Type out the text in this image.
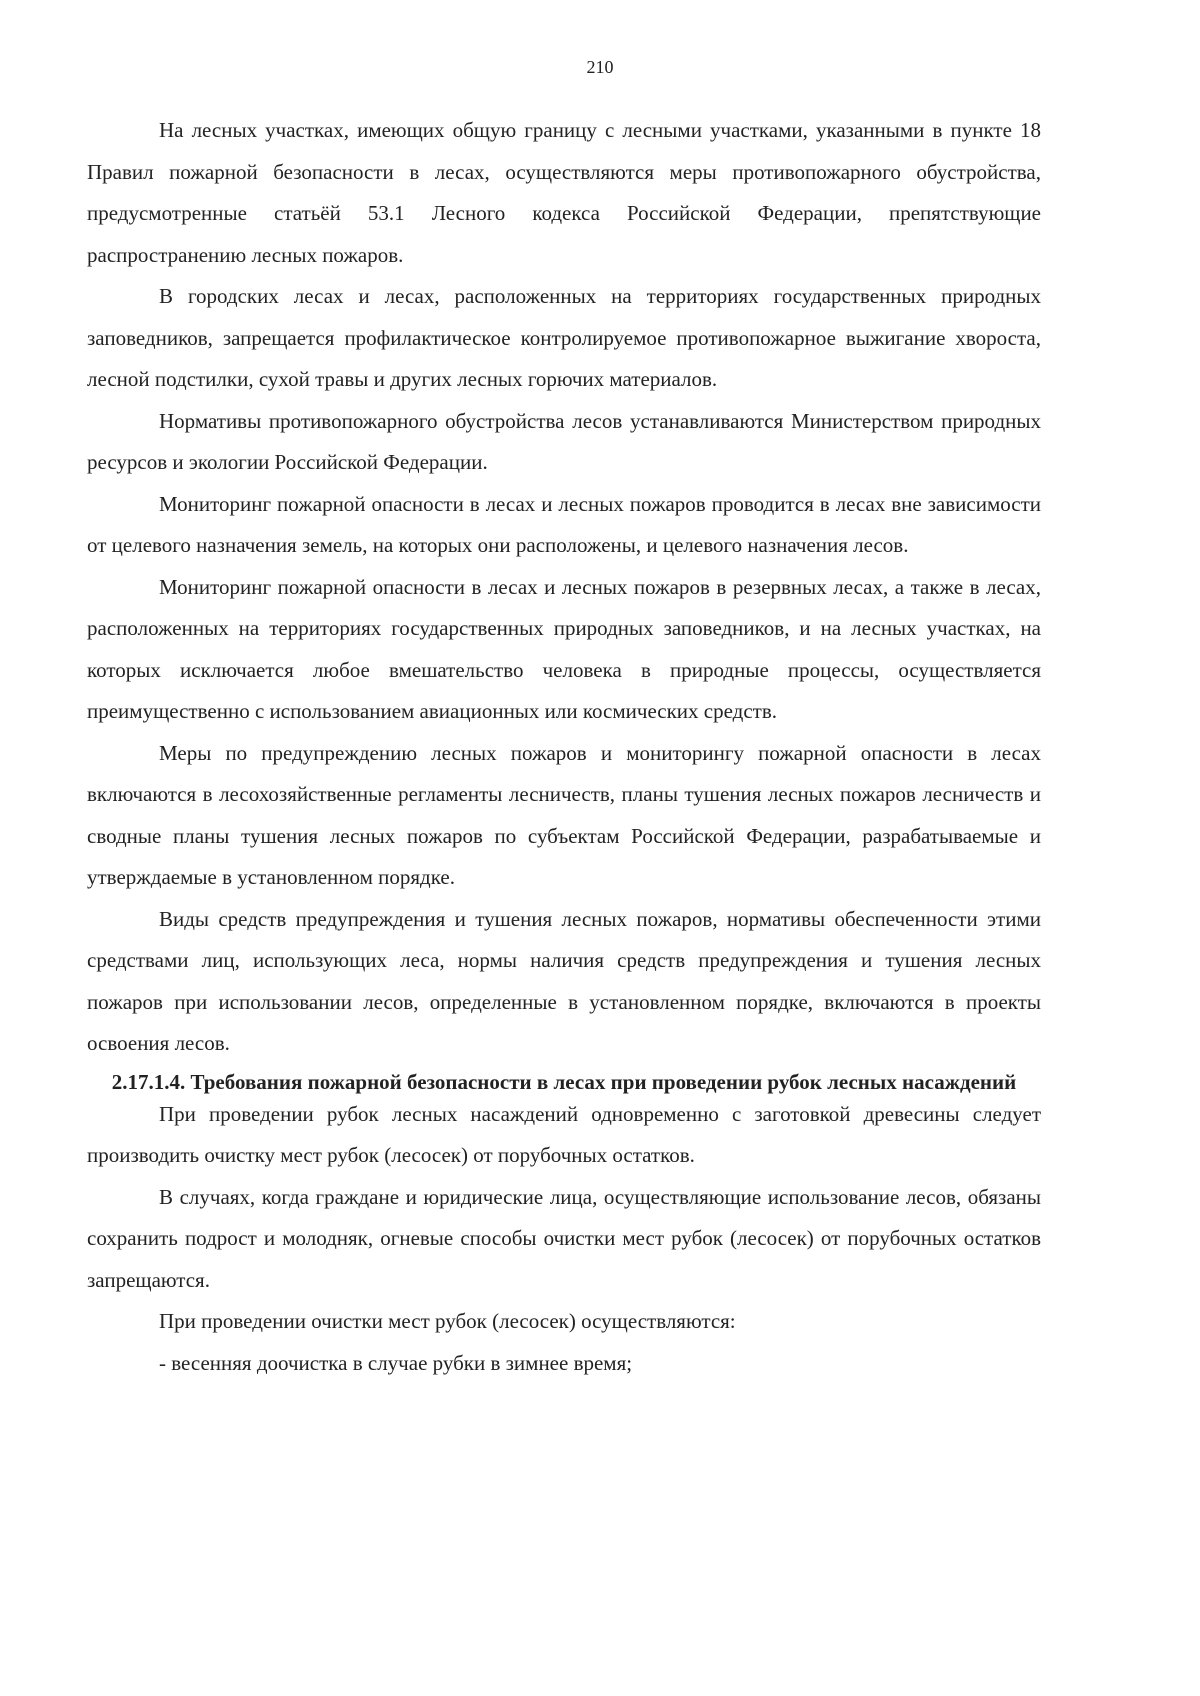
210

На лесных участках, имеющих общую границу с лесными участками, указанными в пункте 18 Правил пожарной безопасности в лесах, осуществляются меры противопожарного обустройства, предусмотренные статьёй 53.1 Лесного кодекса Российской Федерации, препятствующие распространению лесных пожаров.

В городских лесах и лесах, расположенных на территориях государственных природных заповедников, запрещается профилактическое контролируемое противопожарное выжигание хвороста, лесной подстилки, сухой травы и других лесных горючих материалов.

Нормативы противопожарного обустройства лесов устанавливаются Министерством природных ресурсов и экологии Российской Федерации.

Мониторинг пожарной опасности в лесах и лесных пожаров проводится в лесах вне зависимости от целевого назначения земель, на которых они расположены, и целевого назначения лесов.

Мониторинг пожарной опасности в лесах и лесных пожаров в резервных лесах, а также в лесах, расположенных на территориях государственных природных заповедников, и на лесных участках, на которых исключается любое вмешательство человека в природные процессы, осуществляется преимущественно с использованием авиационных или космических средств.

Меры по предупреждению лесных пожаров и мониторингу пожарной опасности в лесах включаются в лесохозяйственные регламенты лесничеств, планы тушения лесных пожаров лесничеств и сводные планы тушения лесных пожаров по субъектам Российской Федерации, разрабатываемые и утверждаемые в установленном порядке.

Виды средств предупреждения и тушения лесных пожаров, нормативы обеспеченности этими средствами лиц, использующих леса, нормы наличия средств предупреждения и тушения лесных пожаров при использовании лесов, определенные в установленном порядке, включаются в проекты освоения лесов.

2.17.1.4. Требования пожарной безопасности в лесах при проведении рубок лесных насаждений

При проведении рубок лесных насаждений одновременно с заготовкой древесины следует производить очистку мест рубок (лесосек) от порубочных остатков.

В случаях, когда граждане и юридические лица, осуществляющие использование лесов, обязаны сохранить подрост и молодняк, огневые способы очистки мест рубок (лесосек) от порубочных остатков запрещаются.

При проведении очистки мест рубок (лесосек) осуществляются:

- весенняя доочистка в случае рубки в зимнее время;
